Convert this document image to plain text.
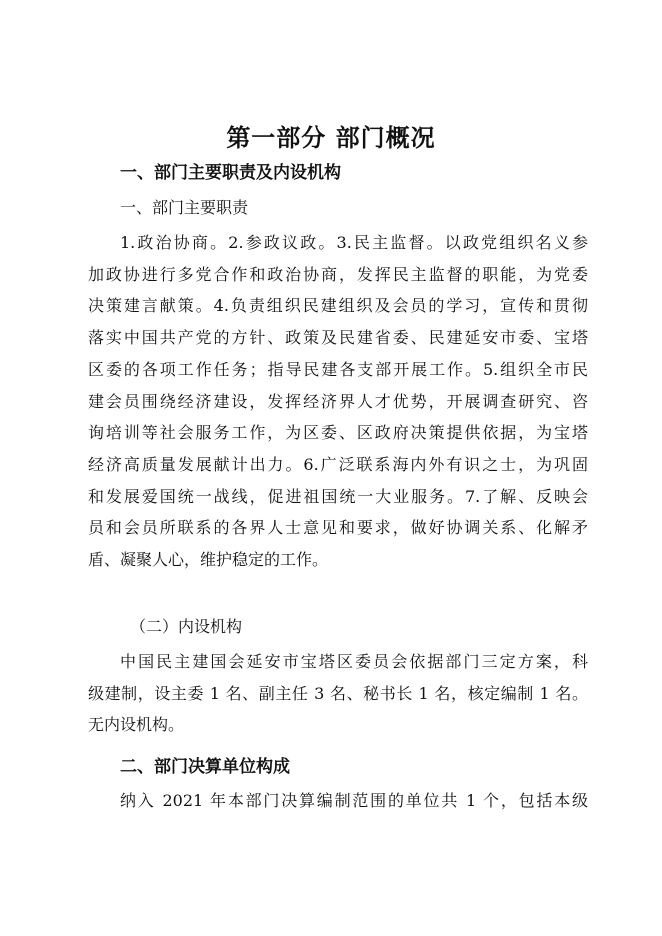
第一部分 部门概况
一、部门主要职责及内设机构
一、部门主要职责
1.政治协商。2.参政议政。3.民主监督。以政党组织名义参
加政协进行多党合作和政治协商，发挥民主监督的职能，为党委
决策建言献策。4.负责组织民建组织及会员的学习，宣传和贯彻
落实中国共产党的方针、政策及民建省委、民建延安市委、宝塔
区委的各项工作任务；指导民建各支部开展工作。5.组织全市民
建会员围绕经济建设，发挥经济界人才优势，开展调查研究、咨
询培训等社会服务工作，为区委、区政府决策提供依据，为宝塔
经济高质量发展献计出力。6.广泛联系海内外有识之士，为巩固
和发展爱国统一战线，促进祖国统一大业服务。7.了解、反映会
员和会员所联系的各界人士意见和要求，做好协调关系、化解矛
盾、凝聚人心，维护稳定的工作。
（二）内设机构
中国民主建国会延安市宝塔区委员会依据部门三定方案，科
级建制，设主委 1 名、副主任 3 名、秘书长 1 名，核定编制 1 名。
无内设机构。
二、部门决算单位构成
纳入 2021 年本部门决算编制范围的单位共 1 个，包括本级
